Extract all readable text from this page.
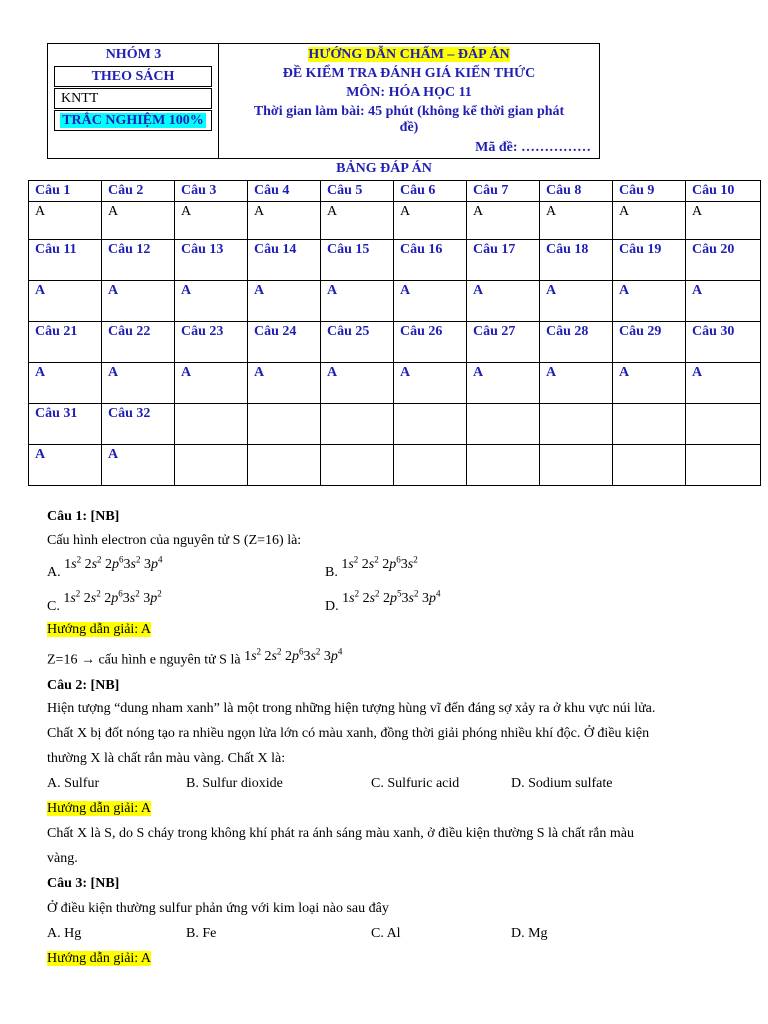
NHÓM 3
THEO SÁCH
KNTT
TRẮC NGHIỆM 100%
HƯỚNG DẪN CHẤM – ĐÁP ÁN
ĐỀ KIỂM TRA ĐÁNH GIÁ KIẾN THỨC
MÔN: HÓA HỌC 11
Thời gian làm bài: 45 phút (không kể thời gian phát
đề)
Mã đề: ……………
BẢNG ĐÁP ÁN
Câu 1	Câu 2	Câu 3	Câu 4	Câu 5	Câu 6	Câu 7	Câu 8	Câu 9	Câu 10
A	A	A	A	A	A	A	A	A	A
Câu 11	Câu 12	Câu 13	Câu 14	Câu 15	Câu 16	Câu 17	Câu 18	Câu 19	Câu 20
A	A	A	A	A	A	A	A	A	A
Câu 21	Câu 22	Câu 23	Câu 24	Câu 25	Câu 26	Câu 27	Câu 28	Câu 29	Câu 30
A	A	A	A	A	A	A	A	A	A
Câu 31	Câu 32								
A	A								

Câu 1: [NB]

Cấu hình electron của nguyên tử S (Z=16) là:

A. $1s^2$ $2s^2$ $2p^63s^2$ $3p^4$
B. $1s^2$ $2s^2$ $2p^63s^2$
C. $1s^2$ $2s^2$ $2p^63s^2$ $3p^2$
D. $1s^2$ $2s^2$ $2p^53s^2$ $3p^4$

Hướng dẫn giải: A

Z=16 → cấu hình e nguyên tử S là $1s^2$ $2s^2$ $2p^63s^2$ $3p^4$

Câu 2: [NB]

Hiện tượng “dung nham xanh” là một trong những hiện tượng hùng vĩ đến đáng sợ xảy ra ở khu vực núi lửa.

Chất X bị đốt nóng tạo ra nhiều ngọn lửa lớn có màu xanh, đồng thời giải phóng nhiều khí độc. Ở điều kiện

thường X là chất rắn màu vàng. Chất X là:

A. Sulfur	B. Sulfur dioxide	C. Sulfuric acid	D. Sodium sulfate

Hướng dẫn giải: A

Chất X là S, do S cháy trong không khí phát ra ánh sáng màu xanh, ở điều kiện thường S là chất rắn màu

vàng.

Câu 3: [NB]

Ở điều kiện thường sulfur phản ứng với kim loại nào sau đây

A. Hg	B. Fe	C. Al	D. Mg

Hướng dẫn giải: A
